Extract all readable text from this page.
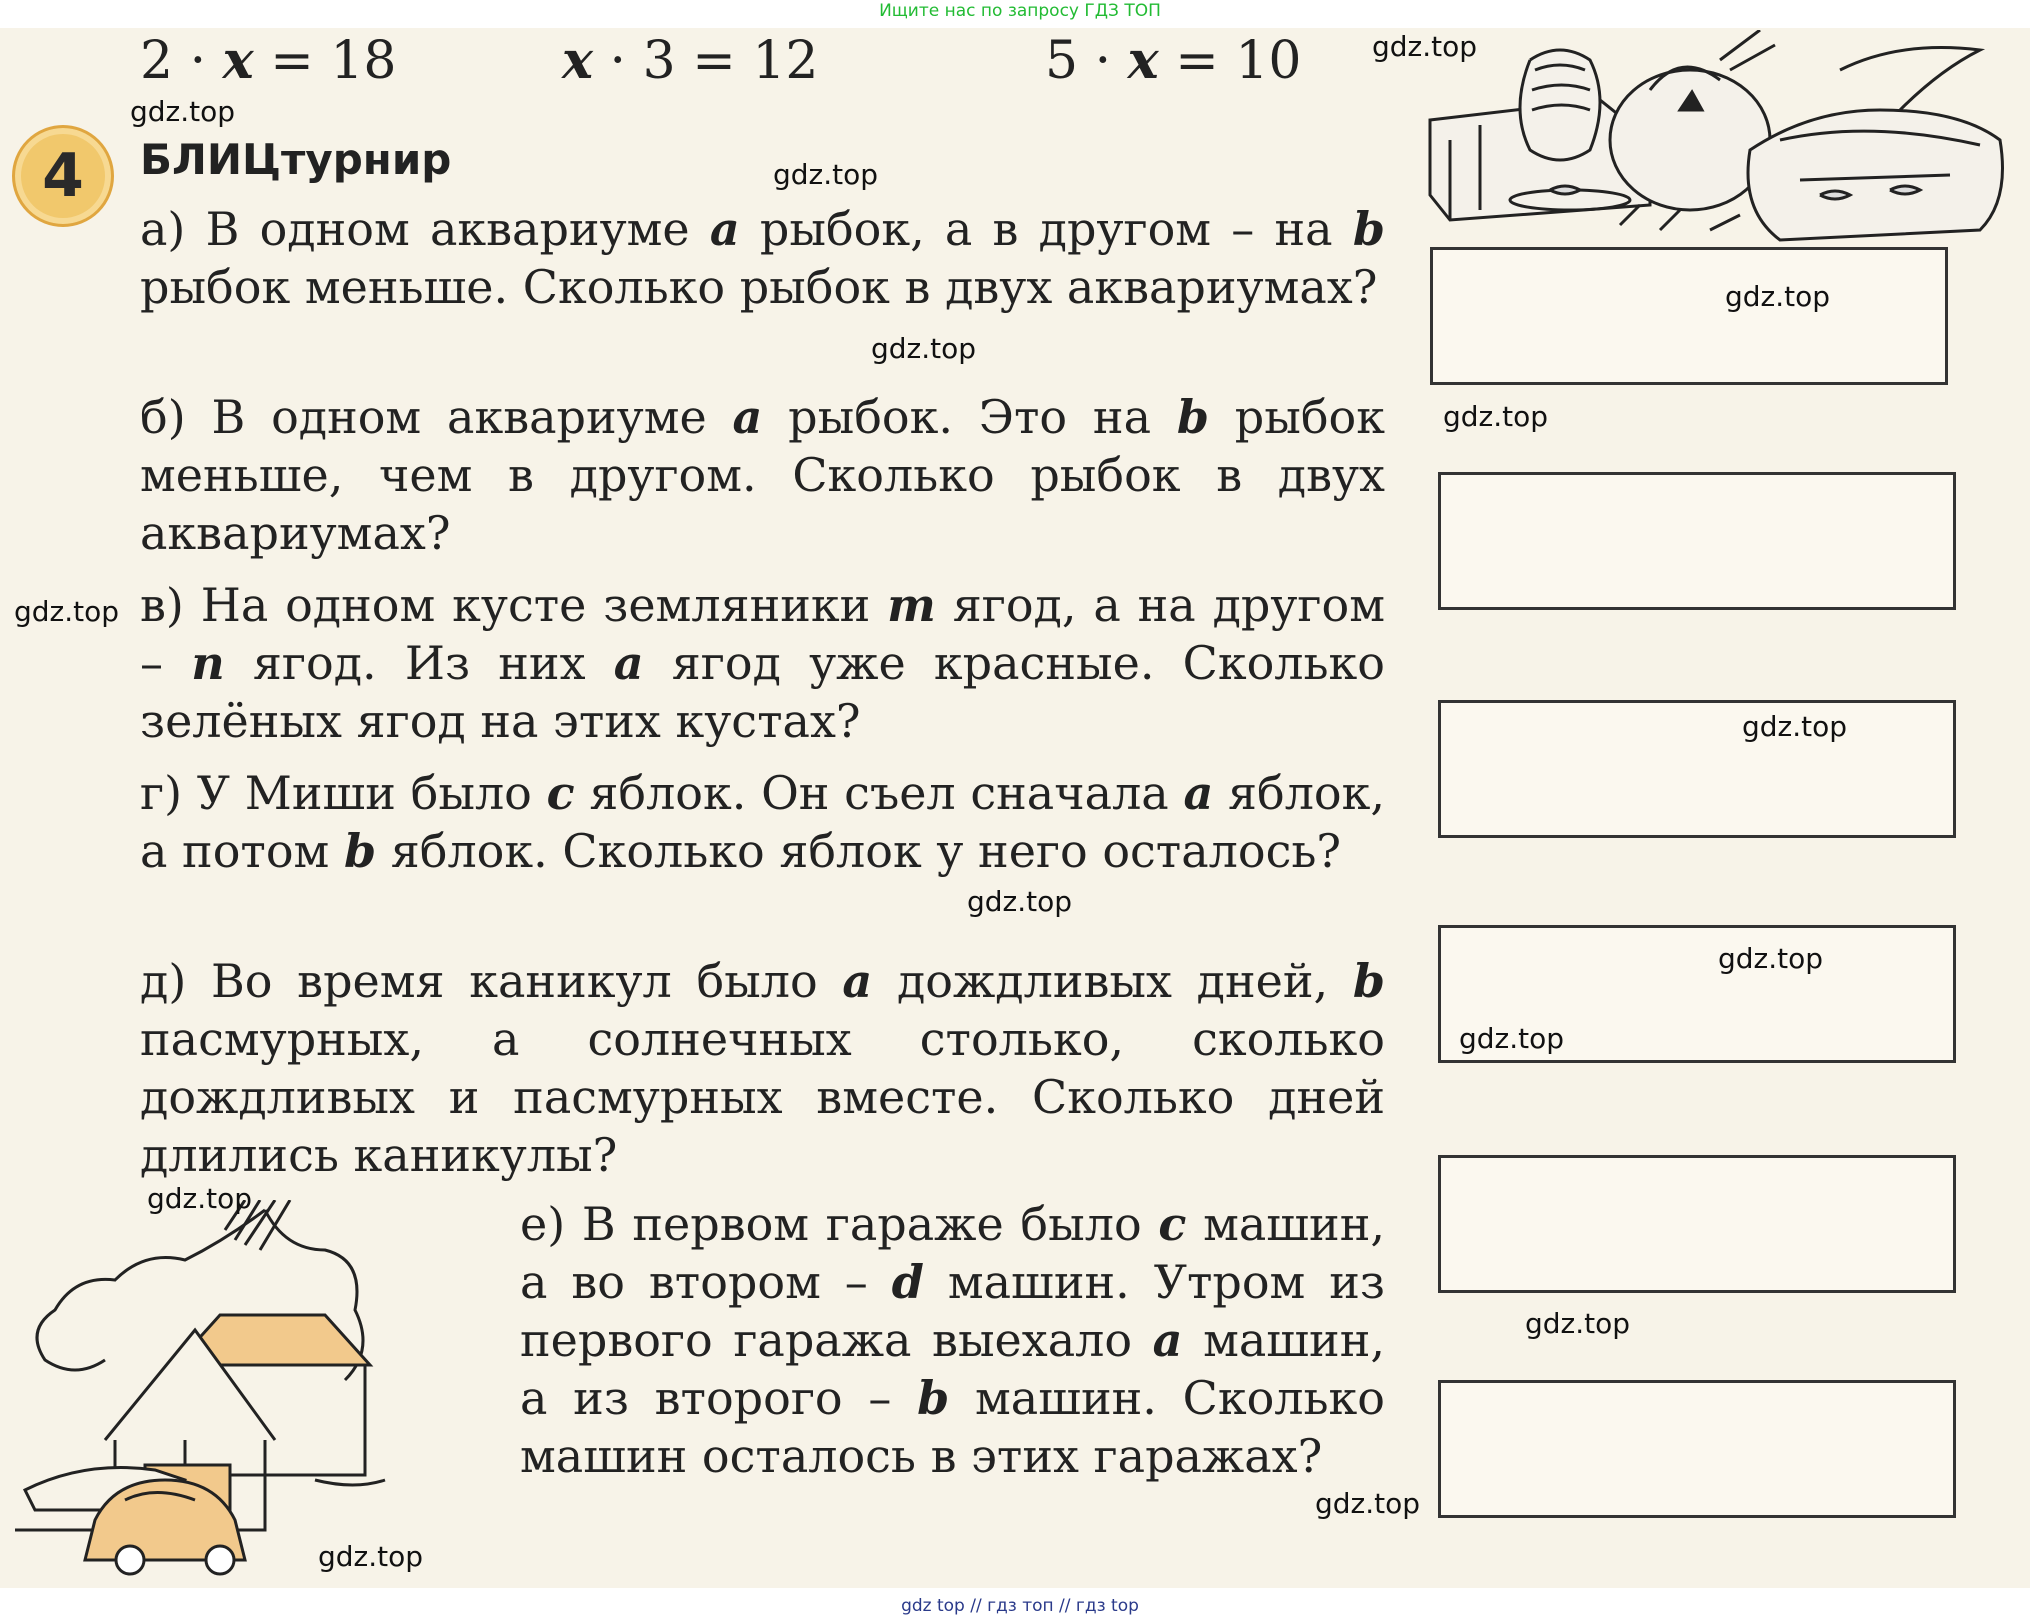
Ищите нас по запросу ГДЗ ТОП
2 · x = 18	x · 3 = 12	5 · x = 10
4	БЛИЦтурнир

а) В одном аквариуме a рыбок, а в другом – на b рыбок меньше. Сколько рыбок в двух аквариумах?

б) В одном аквариуме a рыбок. Это на b рыбок меньше, чем в другом. Сколько рыбок в двух аквариумах?

в) На одном кусте земляники m ягод, а на другом – n ягод. Из них a ягод уже красные. Сколько зелёных ягод на этих кустах?

г) У Миши было c яблок. Он съел сначала a яблок, а потом b яблок. Сколько яблок у него осталось?

д) Во время каникул было a дождливых дней, b пасмурных, а солнечных столько, сколько дождливых и пасмурных вместе. Сколько дней длились каникулы?

е) В первом гараже было c машин, а во втором – d машин. Утром из первого гаража выехало a машин, а из второго – b машин. Сколько машин осталось в этих гаражах?

gdz.top
gdz.top
gdz.top
gdz.top
gdz.top
gdz.top
gdz.top
gdz.top
gdz.top
gdz.top
gdz.top
gdz.top
gdz.top
gdz.top
gdz.top
gdz top // гдз топ // гдз top
